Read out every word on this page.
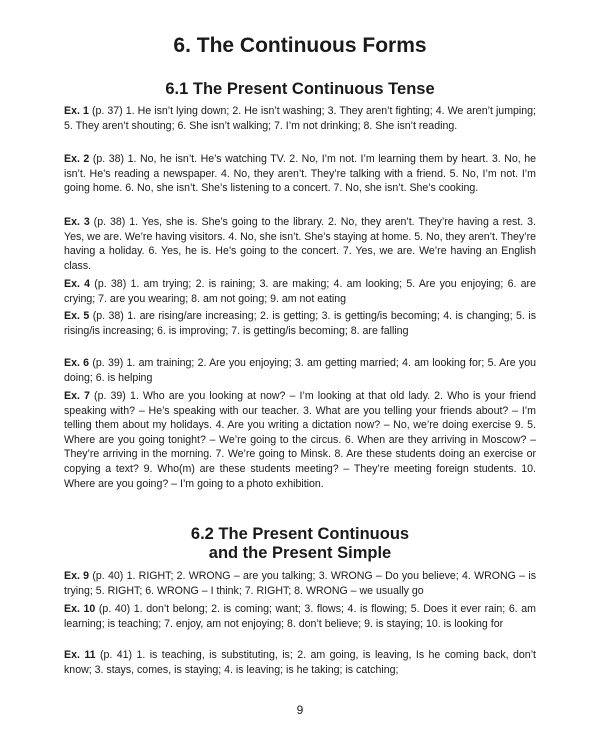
6. The Continuous Forms
6.1 The Present Continuous Tense

Ex. 1 (p. 37) 1. He isn’t lying down; 2. He isn’t washing; 3. They aren’t fighting; 4. We aren’t jumping; 5. They aren’t shouting; 6. She isn’t walking; 7. I’m not drinking; 8. She isn’t reading.

Ex. 2 (p. 38) 1. No, he isn’t. He’s watching TV. 2. No, I’m not. I’m learning them by heart. 3. No, he isn’t. He’s reading a newspaper. 4. No, they aren’t. They’re talking with a friend. 5. No, I’m not. I’m going home. 6. No, she isn’t. She’s listening to a concert. 7. No, she isn’t. She’s cooking.

Ex. 3 (p. 38) 1. Yes, she is. She’s going to the library. 2. No, they aren’t. They’re having a rest. 3. Yes, we are. We’re having visitors. 4. No, she isn’t. She’s staying at home. 5. No, they aren’t. They’re having a holiday. 6. Yes, he is. He’s going to the concert. 7. Yes, we are. We’re having an English class.

Ex. 4 (p. 38) 1. am trying; 2. is raining; 3. are making; 4. am looking; 5. Are you enjoying; 6. are crying; 7. are you wearing; 8. am not going; 9. am not eating

Ex. 5 (p. 38) 1. are rising/are increasing; 2. is getting; 3. is getting/is becoming; 4. is changing; 5. is rising/is increasing; 6. is improving; 7. is getting/is becoming; 8. are falling

Ex. 6 (p. 39) 1. am training; 2. Are you enjoying; 3. am getting married; 4. am looking for; 5. Are you doing; 6. is helping

Ex. 7 (p. 39) 1. Who are you looking at now? – I’m looking at that old lady. 2. Who is your friend speaking with? – He’s speaking with our teacher. 3. What are you telling your friends about? – I’m telling them about my holidays. 4. Are you writing a dictation now? – No, we’re doing exercise 9. 5. Where are you going tonight? – We’re going to the circus. 6. When are they arriving in Moscow? – They’re arriving in the morning. 7. We’re going to Minsk. 8. Are these students doing an exercise or copying a text? 9. Who(m) are these students meeting? – They’re meeting foreign students. 10. Where are you going? – I’m going to a photo exhibition.

6.2 The Present Continuous
and the Present Simple

Ex. 9 (p. 40) 1. RIGHT; 2. WRONG – are you talking; 3. WRONG – Do you believe; 4. WRONG – is trying; 5. RIGHT; 6. WRONG – I think; 7. RIGHT; 8. WRONG – we usually go

Ex. 10 (p. 40) 1. don’t belong; 2. is coming; want; 3. flows; 4. is flowing; 5. Does it ever rain; 6. am learning; is teaching; 7. enjoy, am not enjoying; 8. don’t believe; 9. is staying; 10. is looking for

Ex. 11 (p. 41) 1. is teaching, is substituting, is; 2. am going, is leaving, Is he coming back, don’t know; 3. stays, comes, is staying; 4. is leaving; is he taking; is catching;

9
